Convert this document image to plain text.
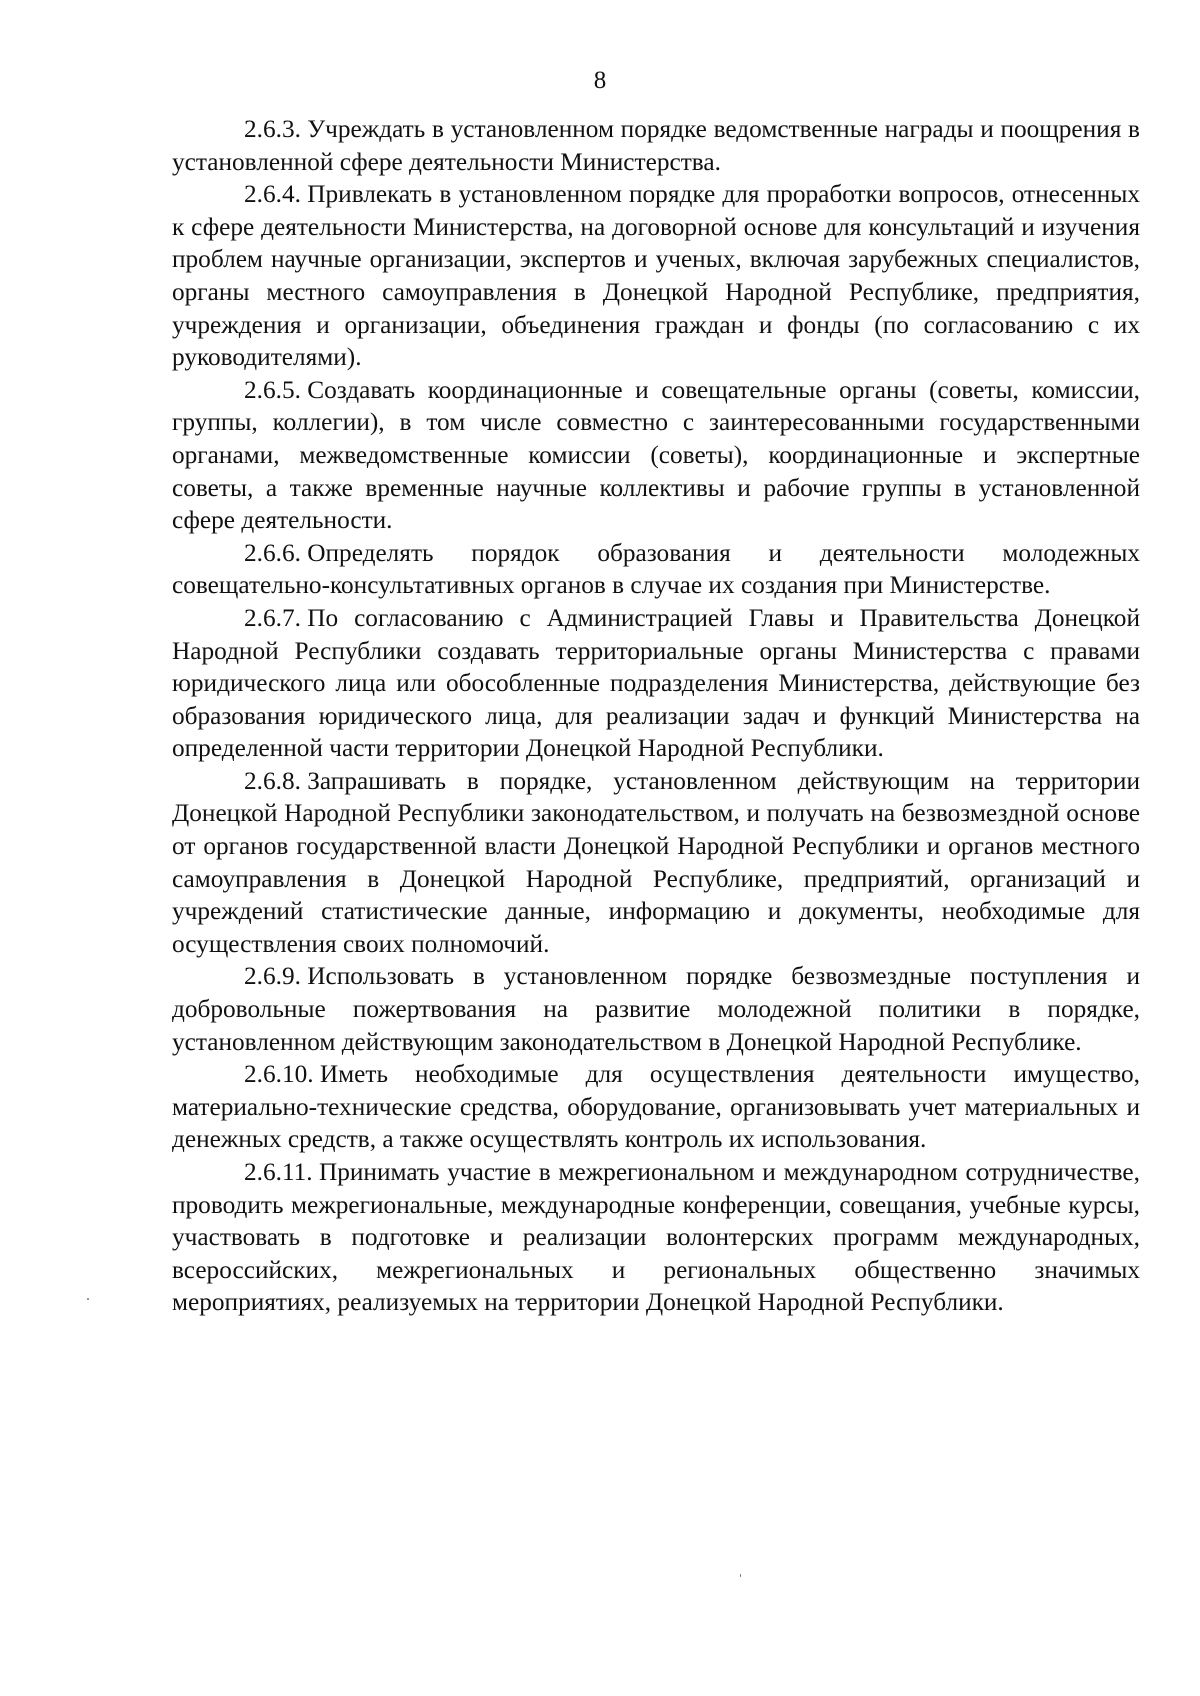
8

2.6.3. Учреждать в установленном порядке ведомственные награды и поощрения в установленной сфере деятельности Министерства.

2.6.4. Привлекать в установленном порядке для проработки вопросов, отнесенных к сфере деятельности Министерства, на договорной основе для консультаций и изучения проблем научные организации, экспертов и ученых, включая зарубежных специалистов, органы местного самоуправления в Донецкой Народной Республике, предприятия, учреждения и организации, объединения граждан и фонды (по согласованию с их руководителями).

2.6.5. Создавать координационные и совещательные органы (советы, комиссии, группы, коллегии), в том числе совместно с заинтересованными государственными органами, межведомственные комиссии (советы), координационные и экспертные советы, а также временные научные коллективы и рабочие группы в установленной сфере деятельности.

2.6.6. Определять порядок образования и деятельности молодежных совещательно-консультативных органов в случае их создания при Министерстве.

2.6.7. По согласованию с Администрацией Главы и Правительства Донецкой Народной Республики создавать территориальные органы Министерства с правами юридического лица или обособленные подразделения Министерства, действующие без образования юридического лица, для реализации задач и функций Министерства на определенной части территории Донецкой Народной Республики.

2.6.8. Запрашивать в порядке, установленном действующим на территории Донецкой Народной Республики законодательством, и получать на безвозмездной основе от органов государственной власти Донецкой Народной Республики и органов местного самоуправления в Донецкой Народной Республике, предприятий, организаций и учреждений статистические данные, информацию и документы, необходимые для осуществления своих полномочий.

2.6.9. Использовать в установленном порядке безвозмездные поступления и добровольные пожертвования на развитие молодежной политики в порядке, установленном действующим законодательством в Донецкой Народной Республике.

2.6.10. Иметь необходимые для осуществления деятельности имущество, материально-технические средства, оборудование, организовывать учет материальных и денежных средств, а также осуществлять контроль их использования.

2.6.11. Принимать участие в межрегиональном и международном сотрудничестве, проводить межрегиональные, международные конференции, совещания, учебные курсы, участвовать в подготовке и реализации волонтерских программ международных, всероссийских, межрегиональных и региональных общественно значимых мероприятиях, реализуемых на территории Донецкой Народной Республики.
